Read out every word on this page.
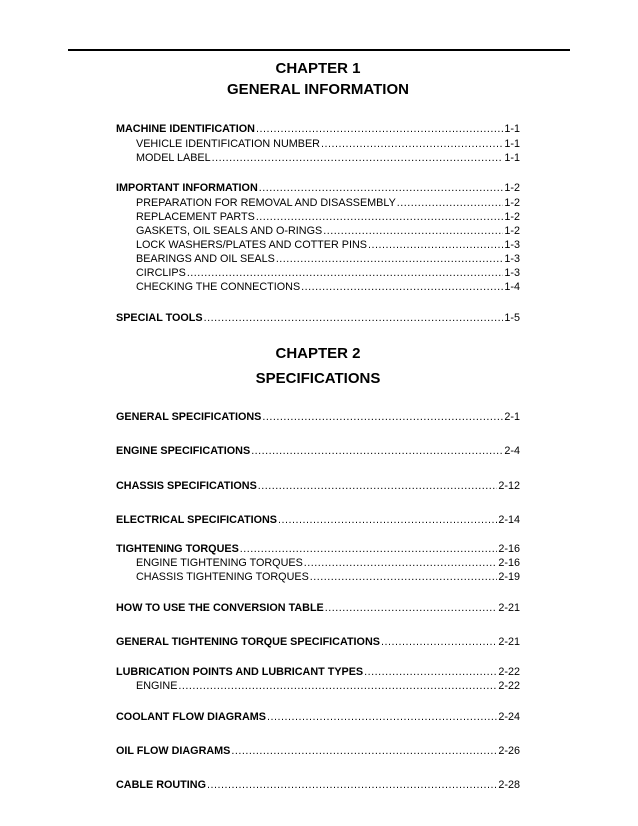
CHAPTER 1
GENERAL INFORMATION
MACHINE IDENTIFICATION .....	1-1
VEHICLE IDENTIFICATION NUMBER .....	1-1
MODEL LABEL .....	1-1
IMPORTANT INFORMATION .....	1-2
PREPARATION FOR REMOVAL AND DISASSEMBLY .....	1-2
REPLACEMENT PARTS .....	1-2
GASKETS, OIL SEALS AND O-RINGS .....	1-2
LOCK WASHERS/PLATES AND COTTER PINS .....	1-3
BEARINGS AND OIL SEALS .....	1-3
CIRCLIPS .....	1-3
CHECKING THE CONNECTIONS .....	1-4
SPECIAL TOOLS .....	1-5
CHAPTER 2
SPECIFICATIONS
GENERAL SPECIFICATIONS .....	2-1
ENGINE SPECIFICATIONS .....	2-4
CHASSIS SPECIFICATIONS .....	2-12
ELECTRICAL SPECIFICATIONS .....	2-14
TIGHTENING TORQUES .....	2-16
ENGINE TIGHTENING TORQUES .....	2-16
CHASSIS TIGHTENING TORQUES .....	2-19
HOW TO USE THE CONVERSION TABLE .....	2-21
GENERAL TIGHTENING TORQUE SPECIFICATIONS .....	2-21
LUBRICATION POINTS AND LUBRICANT TYPES .....	2-22
ENGINE .....	2-22
COOLANT FLOW DIAGRAMS .....	2-24
OIL FLOW DIAGRAMS .....	2-26
CABLE ROUTING .....	2-28
